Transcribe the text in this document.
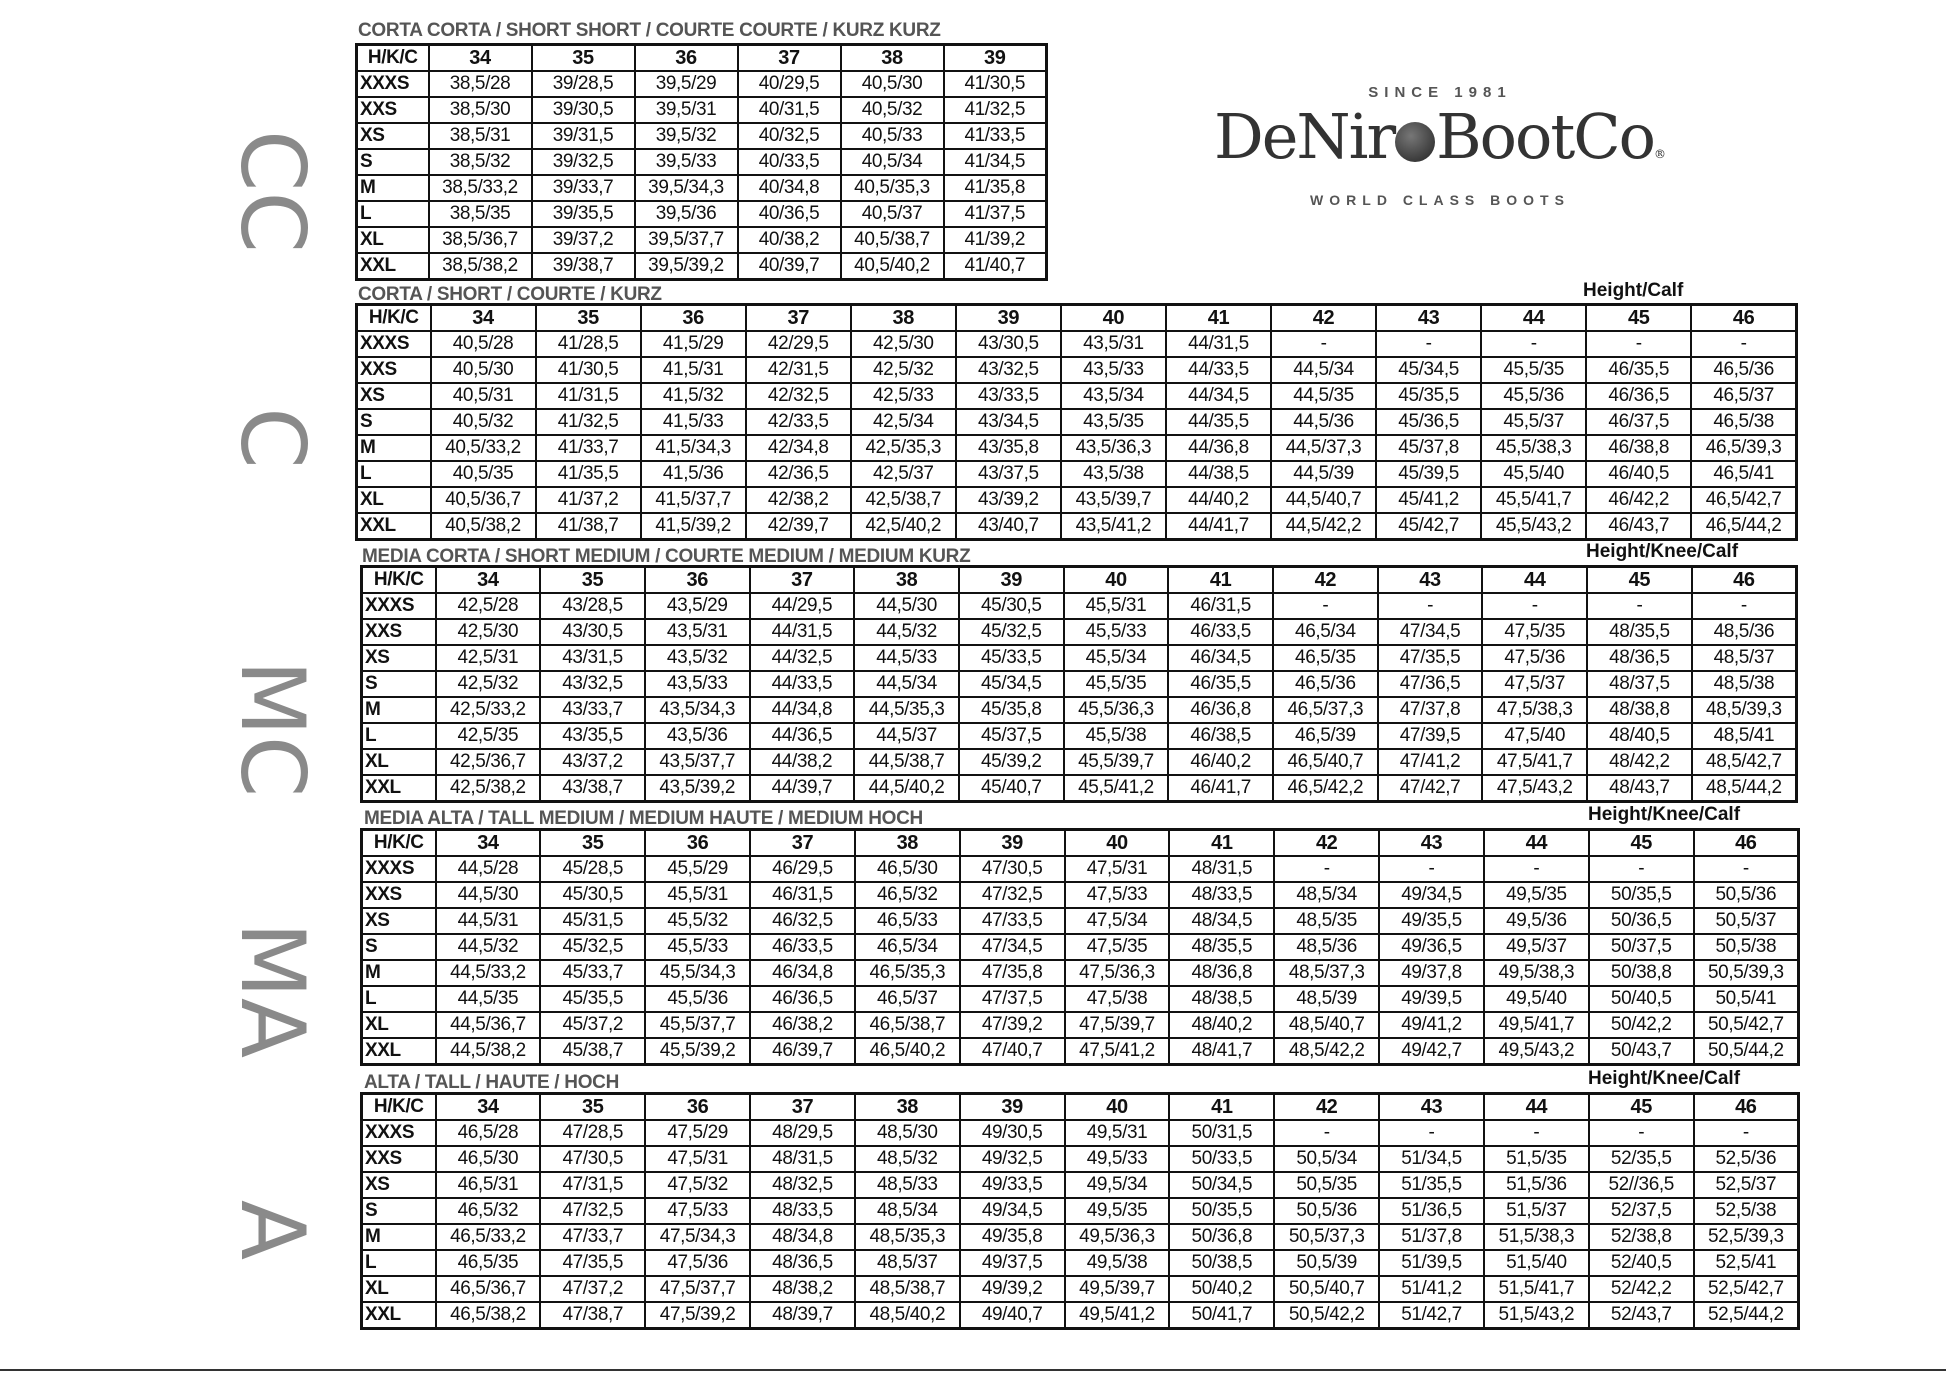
SINCE 1981
DeNir BootCo®
WORLD CLASS BOOTS
CC
C
MC
MA
A
CORTA CORTA / SHORT SHORT / COURTE COURTE / KURZ KURZ
CORTA / SHORT / COURTE / KURZ	Height/Calf
MEDIA CORTA / SHORT MEDIUM / COURTE MEDIUM / MEDIUM KURZ	Height/Knee/Calf
MEDIA ALTA / TALL MEDIUM / MEDIUM HAUTE / MEDIUM HOCH	Height/Knee/Calf
ALTA / TALL / HAUTE / HOCH	Height/Knee/Calf
H/K/C	34	35	36	37	38	39
XXXS	38,5/28	39/28,5	39,5/29	40/29,5	40,5/30	41/30,5
XXS	38,5/30	39/30,5	39,5/31	40/31,5	40,5/32	41/32,5
XS	38,5/31	39/31,5	39,5/32	40/32,5	40,5/33	41/33,5
S	38,5/32	39/32,5	39,5/33	40/33,5	40,5/34	41/34,5
M	38,5/33,2	39/33,7	39,5/34,3	40/34,8	40,5/35,3	41/35,8
L	38,5/35	39/35,5	39,5/36	40/36,5	40,5/37	41/37,5
XL	38,5/36,7	39/37,2	39,5/37,7	40/38,2	40,5/38,7	41/39,2
XXL	38,5/38,2	39/38,7	39,5/39,2	40/39,7	40,5/40,2	41/40,7
H/K/C	34	35	36	37	38	39	40	41	42	43	44	45	46
XXXS	40,5/28	41/28,5	41,5/29	42/29,5	42,5/30	43/30,5	43,5/31	44/31,5	-	-	-	-	-
XXS	40,5/30	41/30,5	41,5/31	42/31,5	42,5/32	43/32,5	43,5/33	44/33,5	44,5/34	45/34,5	45,5/35	46/35,5	46,5/36
XS	40,5/31	41/31,5	41,5/32	42/32,5	42,5/33	43/33,5	43,5/34	44/34,5	44,5/35	45/35,5	45,5/36	46/36,5	46,5/37
S	40,5/32	41/32,5	41,5/33	42/33,5	42,5/34	43/34,5	43,5/35	44/35,5	44,5/36	45/36,5	45,5/37	46/37,5	46,5/38
M	40,5/33,2	41/33,7	41,5/34,3	42/34,8	42,5/35,3	43/35,8	43,5/36,3	44/36,8	44,5/37,3	45/37,8	45,5/38,3	46/38,8	46,5/39,3
L	40,5/35	41/35,5	41,5/36	42/36,5	42,5/37	43/37,5	43,5/38	44/38,5	44,5/39	45/39,5	45,5/40	46/40,5	46,5/41
XL	40,5/36,7	41/37,2	41,5/37,7	42/38,2	42,5/38,7	43/39,2	43,5/39,7	44/40,2	44,5/40,7	45/41,2	45,5/41,7	46/42,2	46,5/42,7
XXL	40,5/38,2	41/38,7	41,5/39,2	42/39,7	42,5/40,2	43/40,7	43,5/41,2	44/41,7	44,5/42,2	45/42,7	45,5/43,2	46/43,7	46,5/44,2
H/K/C	34	35	36	37	38	39	40	41	42	43	44	45	46
XXXS	42,5/28	43/28,5	43,5/29	44/29,5	44,5/30	45/30,5	45,5/31	46/31,5	-	-	-	-	-
XXS	42,5/30	43/30,5	43,5/31	44/31,5	44,5/32	45/32,5	45,5/33	46/33,5	46,5/34	47/34,5	47,5/35	48/35,5	48,5/36
XS	42,5/31	43/31,5	43,5/32	44/32,5	44,5/33	45/33,5	45,5/34	46/34,5	46,5/35	47/35,5	47,5/36	48/36,5	48,5/37
S	42,5/32	43/32,5	43,5/33	44/33,5	44,5/34	45/34,5	45,5/35	46/35,5	46,5/36	47/36,5	47,5/37	48/37,5	48,5/38
M	42,5/33,2	43/33,7	43,5/34,3	44/34,8	44,5/35,3	45/35,8	45,5/36,3	46/36,8	46,5/37,3	47/37,8	47,5/38,3	48/38,8	48,5/39,3
L	42,5/35	43/35,5	43,5/36	44/36,5	44,5/37	45/37,5	45,5/38	46/38,5	46,5/39	47/39,5	47,5/40	48/40,5	48,5/41
XL	42,5/36,7	43/37,2	43,5/37,7	44/38,2	44,5/38,7	45/39,2	45,5/39,7	46/40,2	46,5/40,7	47/41,2	47,5/41,7	48/42,2	48,5/42,7
XXL	42,5/38,2	43/38,7	43,5/39,2	44/39,7	44,5/40,2	45/40,7	45,5/41,2	46/41,7	46,5/42,2	47/42,7	47,5/43,2	48/43,7	48,5/44,2
H/K/C	34	35	36	37	38	39	40	41	42	43	44	45	46
XXXS	44,5/28	45/28,5	45,5/29	46/29,5	46,5/30	47/30,5	47,5/31	48/31,5	-	-	-	-	-
XXS	44,5/30	45/30,5	45,5/31	46/31,5	46,5/32	47/32,5	47,5/33	48/33,5	48,5/34	49/34,5	49,5/35	50/35,5	50,5/36
XS	44,5/31	45/31,5	45,5/32	46/32,5	46,5/33	47/33,5	47,5/34	48/34,5	48,5/35	49/35,5	49,5/36	50/36,5	50,5/37
S	44,5/32	45/32,5	45,5/33	46/33,5	46,5/34	47/34,5	47,5/35	48/35,5	48,5/36	49/36,5	49,5/37	50/37,5	50,5/38
M	44,5/33,2	45/33,7	45,5/34,3	46/34,8	46,5/35,3	47/35,8	47,5/36,3	48/36,8	48,5/37,3	49/37,8	49,5/38,3	50/38,8	50,5/39,3
L	44,5/35	45/35,5	45,5/36	46/36,5	46,5/37	47/37,5	47,5/38	48/38,5	48,5/39	49/39,5	49,5/40	50/40,5	50,5/41
XL	44,5/36,7	45/37,2	45,5/37,7	46/38,2	46,5/38,7	47/39,2	47,5/39,7	48/40,2	48,5/40,7	49/41,2	49,5/41,7	50/42,2	50,5/42,7
XXL	44,5/38,2	45/38,7	45,5/39,2	46/39,7	46,5/40,2	47/40,7	47,5/41,2	48/41,7	48,5/42,2	49/42,7	49,5/43,2	50/43,7	50,5/44,2
H/K/C	34	35	36	37	38	39	40	41	42	43	44	45	46
XXXS	46,5/28	47/28,5	47,5/29	48/29,5	48,5/30	49/30,5	49,5/31	50/31,5	-	-	-	-	-
XXS	46,5/30	47/30,5	47,5/31	48/31,5	48,5/32	49/32,5	49,5/33	50/33,5	50,5/34	51/34,5	51,5/35	52/35,5	52,5/36
XS	46,5/31	47/31,5	47,5/32	48/32,5	48,5/33	49/33,5	49,5/34	50/34,5	50,5/35	51/35,5	51,5/36	52//36,5	52,5/37
S	46,5/32	47/32,5	47,5/33	48/33,5	48,5/34	49/34,5	49,5/35	50/35,5	50,5/36	51/36,5	51,5/37	52/37,5	52,5/38
M	46,5/33,2	47/33,7	47,5/34,3	48/34,8	48,5/35,3	49/35,8	49,5/36,3	50/36,8	50,5/37,3	51/37,8	51,5/38,3	52/38,8	52,5/39,3
L	46,5/35	47/35,5	47,5/36	48/36,5	48,5/37	49/37,5	49,5/38	50/38,5	50,5/39	51/39,5	51,5/40	52/40,5	52,5/41
XL	46,5/36,7	47/37,2	47,5/37,7	48/38,2	48,5/38,7	49/39,2	49,5/39,7	50/40,2	50,5/40,7	51/41,2	51,5/41,7	52/42,2	52,5/42,7
XXL	46,5/38,2	47/38,7	47,5/39,2	48/39,7	48,5/40,2	49/40,7	49,5/41,2	50/41,7	50,5/42,2	51/42,7	51,5/43,2	52/43,7	52,5/44,2
